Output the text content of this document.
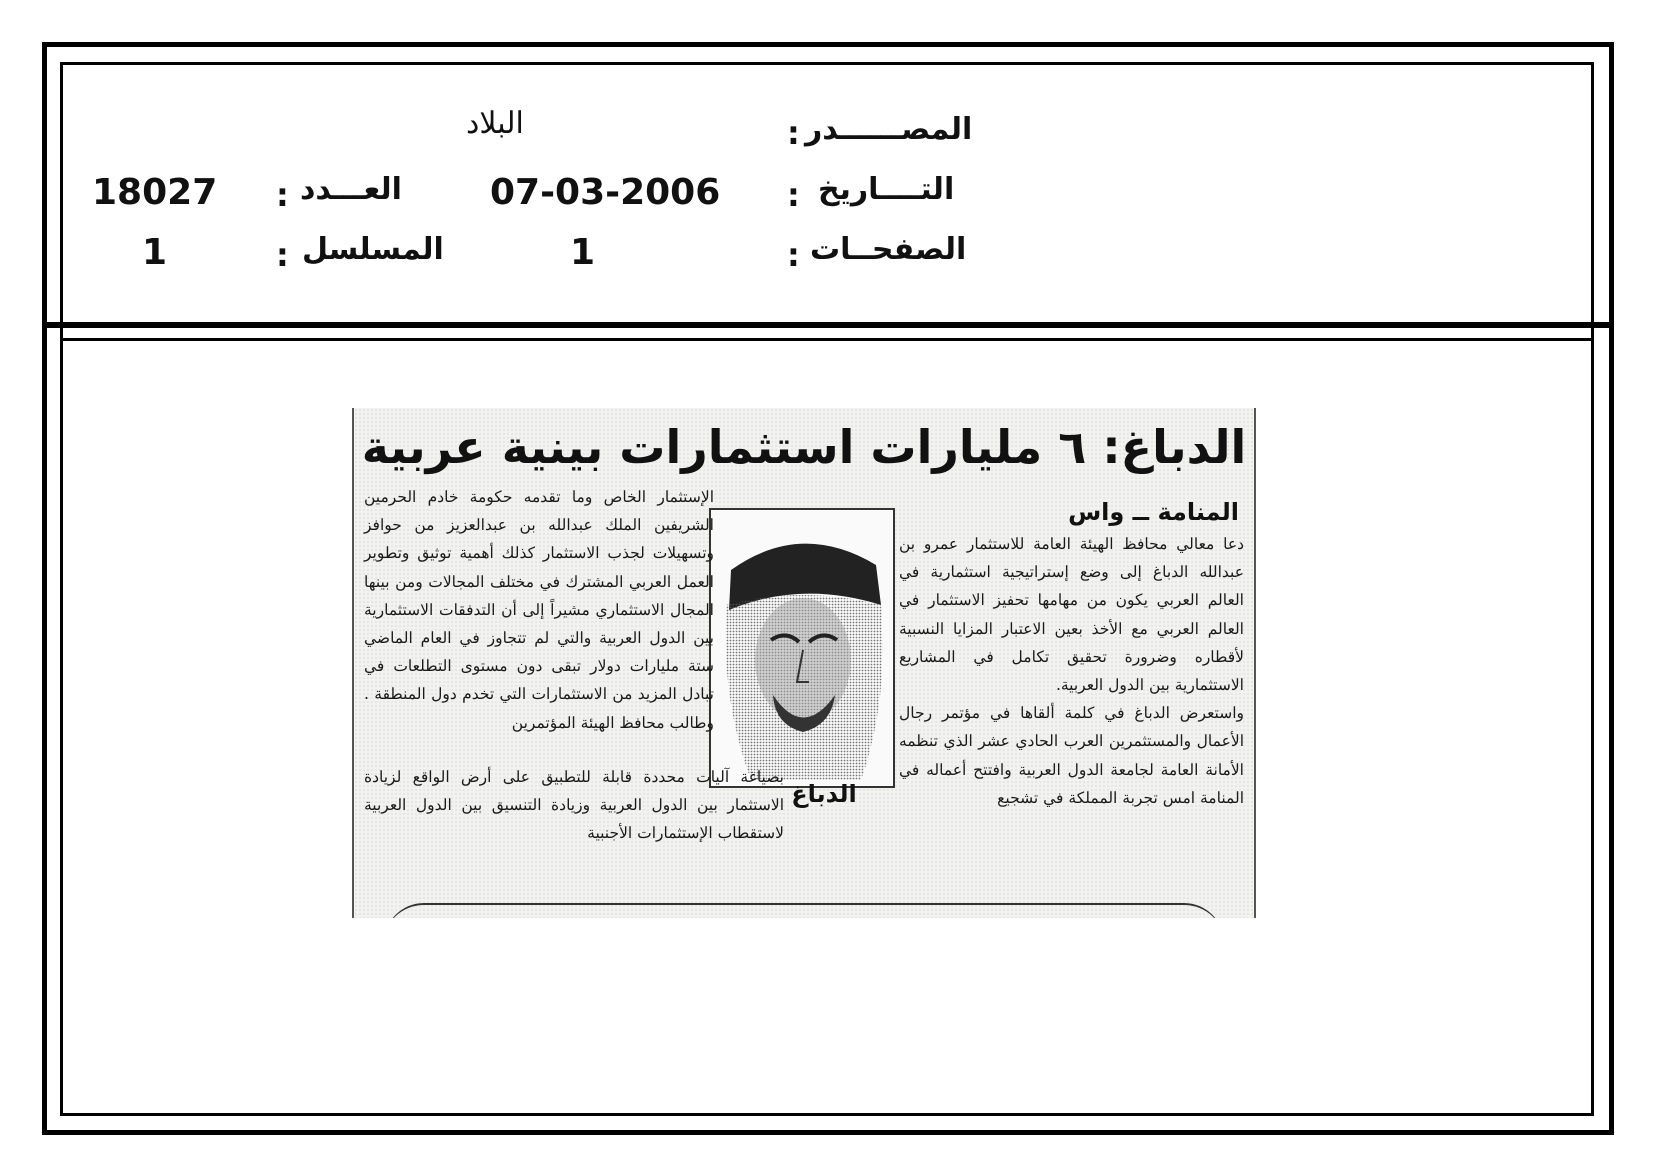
المصــــــدر
:
البلاد
التــــاريخ
:
07-03-2006
العـــدد
:
18027
الصفحــات
:
1
المسلسل
:
1
الدباغ: ٦ مليارات استثمارات بينية عربية
المنامة ــ واس

دعا معالي محافظ الهيئة العامة للاستثمار عمرو بن عبدالله الدباغ إلى وضع إستراتيجية استثمارية في العالم العربي يكون من مهامها تحفيز الاستثمار في العالم العربي مع الأخذ بعين الاعتبار المزايا النسبية لأقطاره وضرورة تحقيق تكامل في المشاريع الاستثمارية بين الدول العربية.

واستعرض الدباغ في كلمة ألقاها في مؤتمر رجال الأعمال والمستثمرين العرب الحادي عشر الذي تنظمه الأمانة العامة لجامعة الدول العربية وافتتح أعماله في المنامة امس تجربة المملكة في تشجيع

الدباغ

الإستثمار الخاص وما تقدمه حكومة خادم الحرمين الشريفين الملك عبدالله بن عبدالعزيز من حوافز وتسهيلات لجذب الاستثمار كذلك أهمية توثيق وتطوير العمل العربي المشترك في مختلف المجالات ومن بينها المجال الاستثماري مشيراً إلى أن التدفقات الاستثمارية بين الدول العربية والتي لم تتجاوز في العام الماضي ستة مليارات دولار تبقى دون مستوى التطلعات في تبادل المزيد من الاستثمارات التي تخدم دول المنطقة . وطالب محافظ الهيئة المؤتمرين

بصياغة آليات محددة قابلة للتطبيق على أرض الواقع لزيادة الاستثمار بين الدول العربية وزيادة التنسيق بين الدول العربية لاستقطاب الإستثمارات الأجنبية
